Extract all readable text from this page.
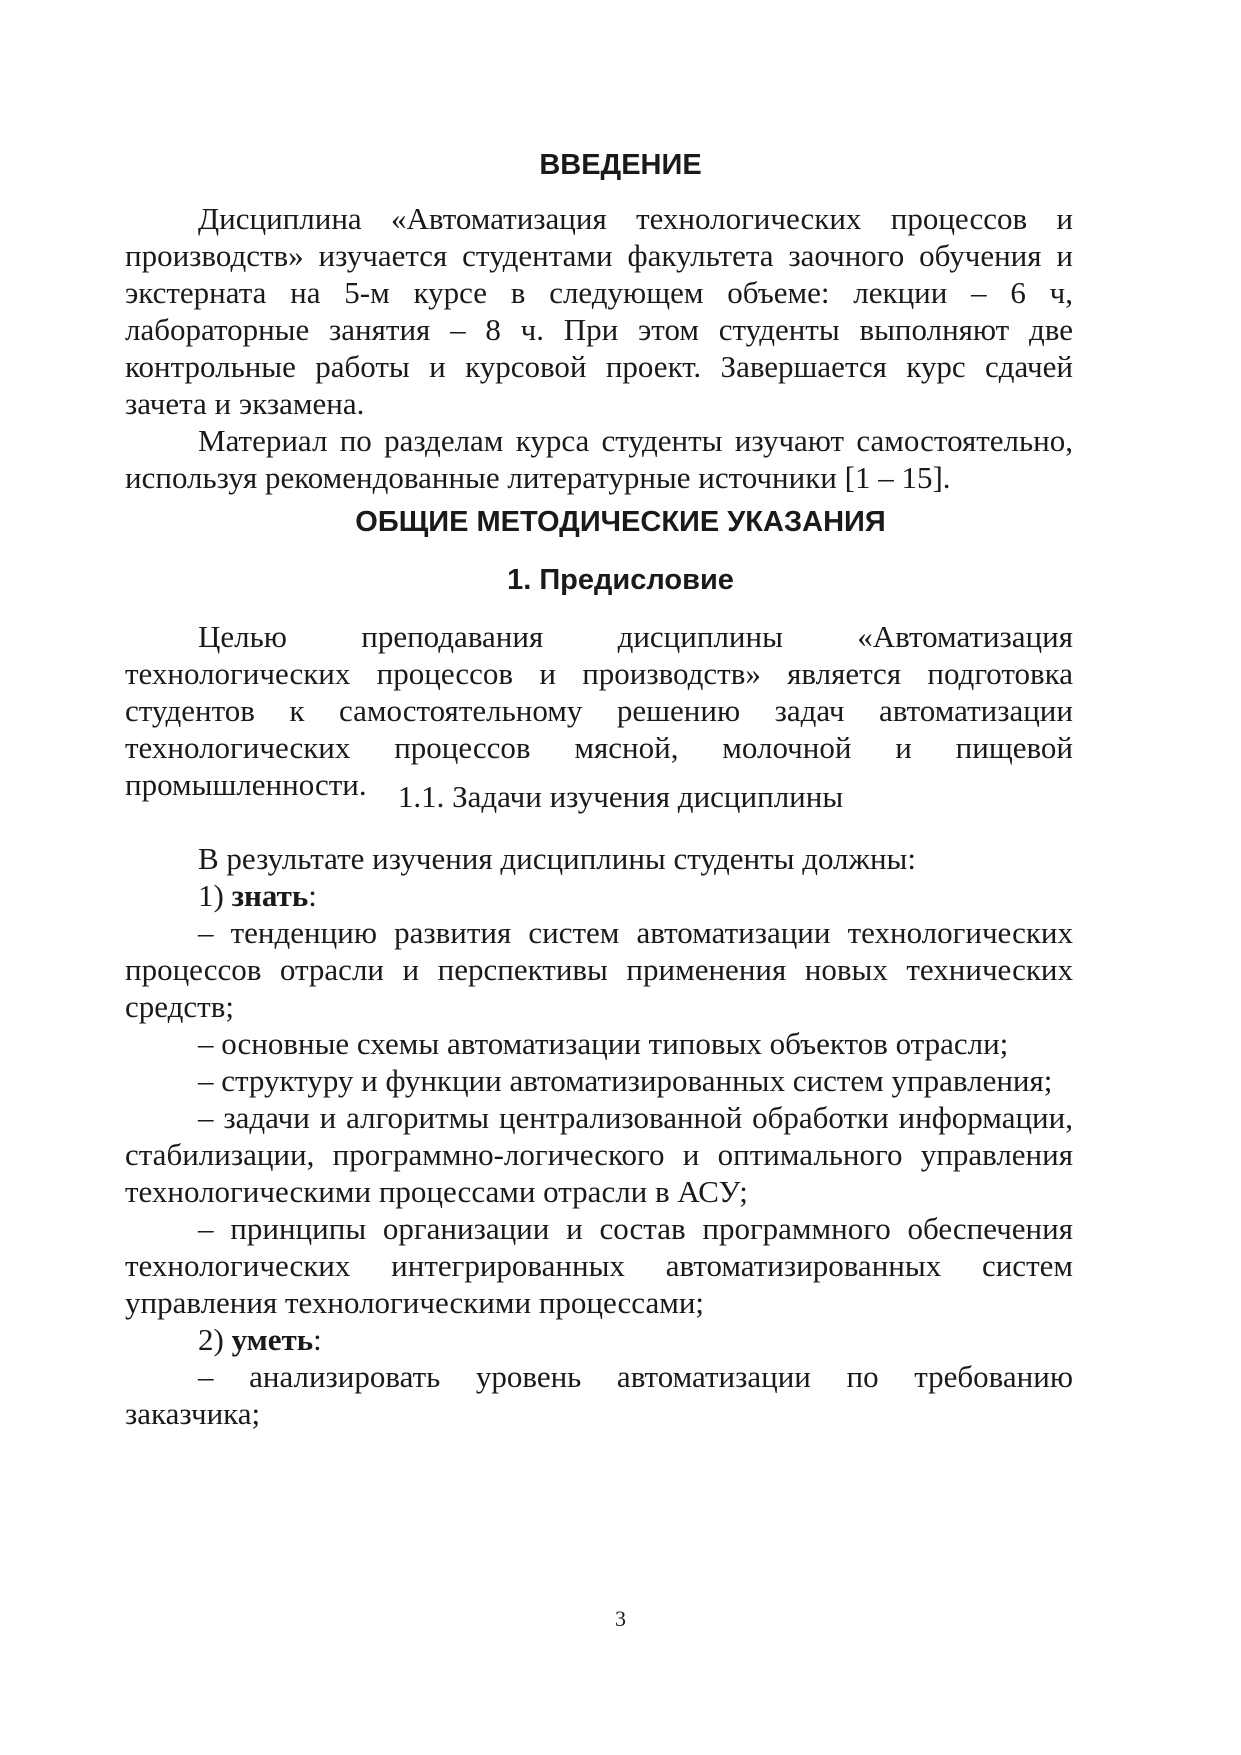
ВВЕДЕНИЕ

Дисциплина «Автоматизация технологических процессов и производств» изучается студентами факультета заочного обучения и экстерната на 5-м курсе в следующем объеме: лекции – 6 ч, лабораторные занятия – 8 ч. При этом студенты выполняют две контрольные работы и курсовой проект. Завершается курс сдачей зачета и экзамена.

Материал по разделам курса студенты изучают самостоятельно, используя рекомендованные литературные источники [1 – 15].

ОБЩИЕ МЕТОДИЧЕСКИЕ УКАЗАНИЯ
1. Предисловие

Целью преподавания дисциплины «Автоматизация технологических процессов и производств» является подготовка студентов к самостоятельному решению задач автоматизации технологических процессов мясной, молочной и пищевой промышленности.	1.1. Задачи изучения дисциплины

В результате изучения дисциплины студенты должны:

1) знать:

– тенденцию развития систем автоматизации технологических процессов отрасли и перспективы применения новых технических средств;

– основные схемы автоматизации типовых объектов отрасли;

– структуру и функции автоматизированных систем управления;

– задачи и алгоритмы централизованной обработки информации, стабилизации, программно-логического и оптимального управления технологическими процессами отрасли в АСУ;

– принципы организации и состав программного обеспечения технологических интегрированных автоматизированных систем управления технологическими процессами;

2) уметь:

– анализировать уровень автоматизации по требованию заказчика;

3
